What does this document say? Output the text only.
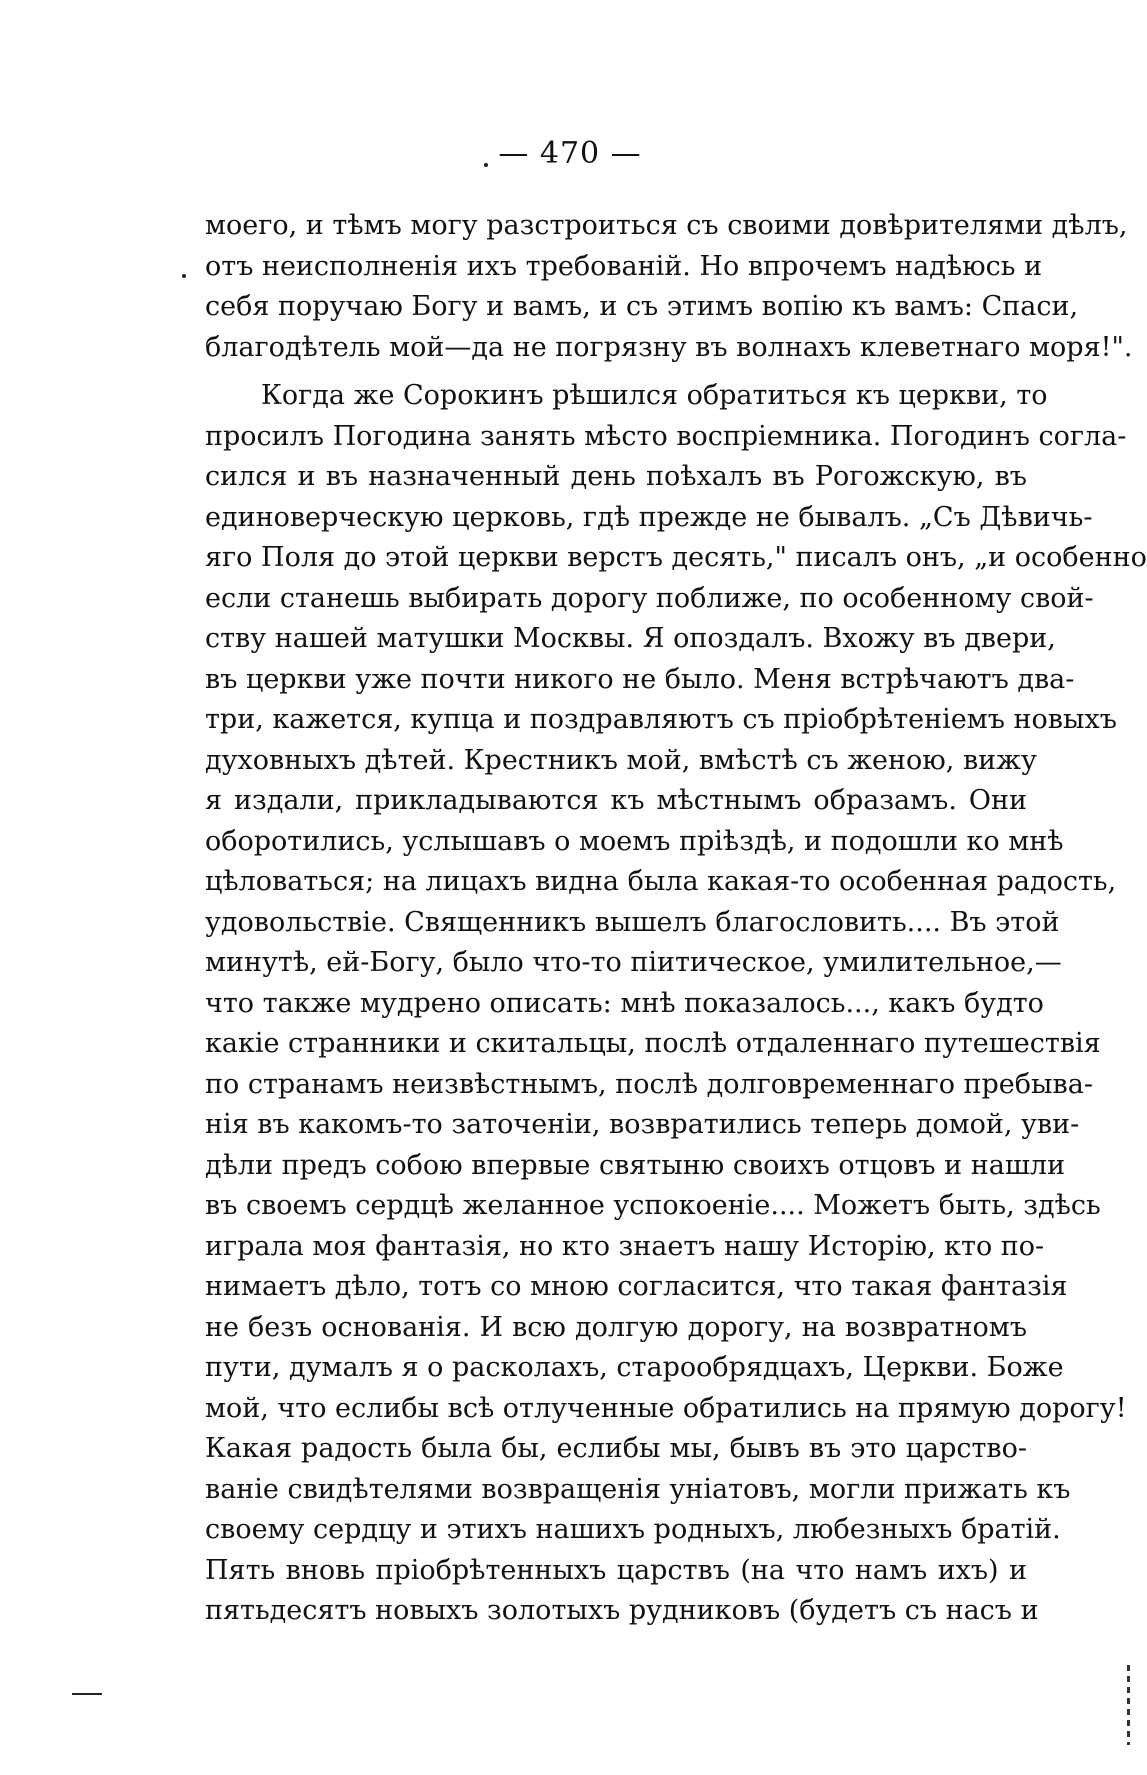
— 470 —
моего, и тѣмъ могу разстроиться съ своими довѣрителями дѣлъ,
отъ неисполненія ихъ требованій. Но впрочемъ надѣюсь и
себя поручаю Богу и вамъ, и съ этимъ вопію къ вамъ: Спаси,
благодѣтель мой—да не погрязну въ волнахъ клеветнаго моря!".
Когда же Сорокинъ рѣшился обратиться къ церкви, то
просилъ Погодина занять мѣсто воспріемника. Погодинъ согла-
сился и въ назначенный день поѣхалъ въ Рогожскую, въ
единоверческую церковь, гдѣ прежде не бывалъ. „Съ Дѣвичь-
яго Поля до этой церкви верстъ десять," писалъ онъ, „и особенно
если станешь выбирать дорогу поближе, по особенному свой-
ству нашей матушки Москвы. Я опоздалъ. Вхожу въ двери,
въ церкви уже почти никого не было. Меня встрѣчаютъ два-
три, кажется, купца и поздравляютъ съ пріобрѣтеніемъ новыхъ
духовныхъ дѣтей. Крестникъ мой, вмѣстѣ съ женою, вижу
я издали, прикладываются къ мѣстнымъ образамъ. Они
оборотились, услышавъ о моемъ пріѣздѣ, и подошли ко мнѣ
цѣловаться; на лицахъ видна была какая-то особенная радость,
удовольствіе. Священникъ вышелъ благословить.... Въ этой
минутѣ, ей-Богу, было что-то піитическое, умилительное,—
что также мудрено описать: мнѣ показалось..., какъ будто
какіе странники и скитальцы, послѣ отдаленнаго путешествія
по странамъ неизвѣстнымъ, послѣ долговременнаго пребыва-
нія въ какомъ-то заточеніи, возвратились теперь домой, уви-
дѣли предъ собою впервые святыню своихъ отцовъ и нашли
въ своемъ сердцѣ желанное успокоеніе.... Можетъ быть, здѣсь
играла моя фантазія, но кто знаетъ нашу Исторію, кто по-
нимаетъ дѣло, тотъ со мною согласится, что такая фантазія
не безъ основанія. И всю долгую дорогу, на возвратномъ
пути, думалъ я о расколахъ, старообрядцахъ, Церкви. Боже
мой, что еслибы всѣ отлученные обратились на прямую дорогу!
Какая радость была бы, еслибы мы, бывъ въ это царство-
ваніе свидѣтелями возвращенія уніатовъ, могли прижать къ
своему сердцу и этихъ нашихъ родныхъ, любезныхъ братій.
Пять вновь пріобрѣтенныхъ царствъ (на что намъ ихъ) и
пятьдесятъ новыхъ золотыхъ рудниковъ (будетъ съ насъ и
